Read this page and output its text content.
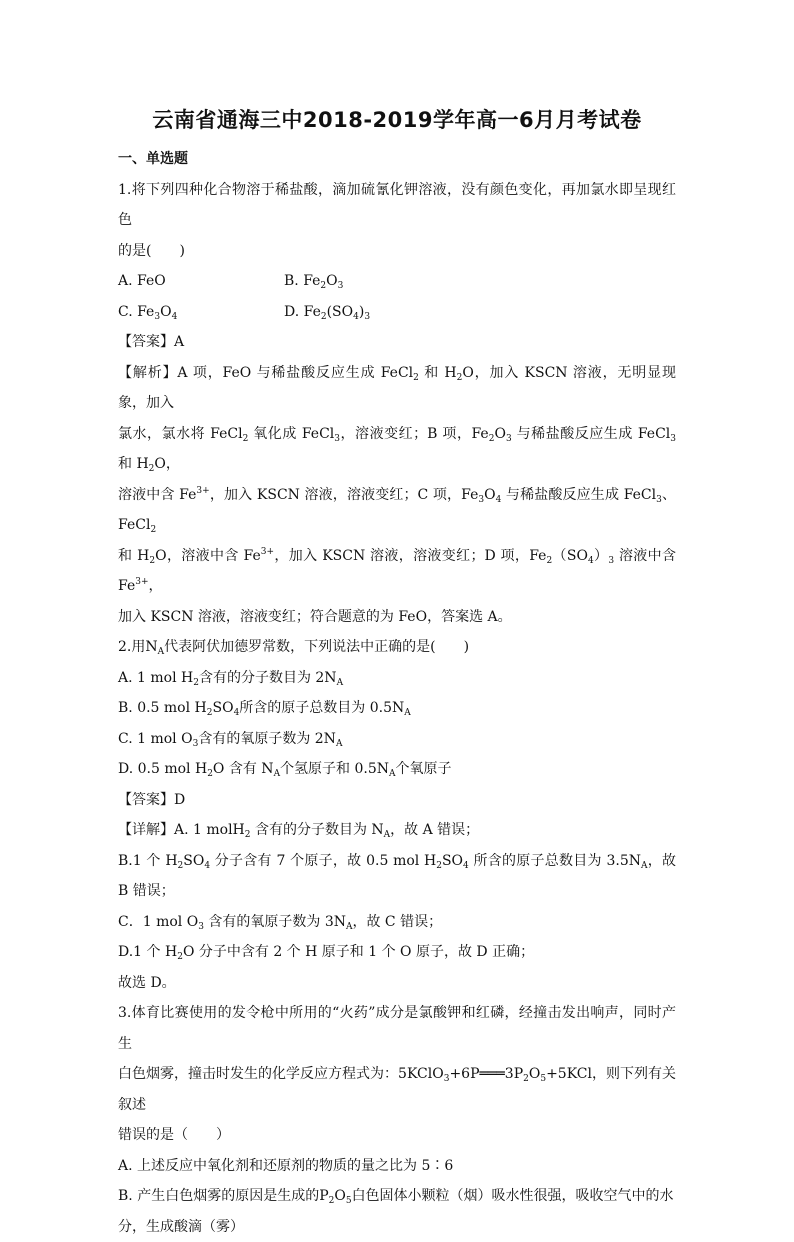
云南省通海三中2018-2019学年高一6月月考试卷

一、单选题

1.将下列四种化合物溶于稀盐酸，滴加硫氰化钾溶液，没有颜色变化，再加氯水即呈现红色

的是(　　)

A. FeO	B. $Fe_2O_3$
C. $Fe_3O_4$	D. $Fe_2(SO_4)_3$

【答案】A

【解析】A 项，FeO 与稀盐酸反应生成 FeCl$_2$ 和 $H_2O$，加入 KSCN 溶液，无明显现象，加入

氯水，氯水将 FeCl$_2$ 氧化成 FeCl$_3$，溶液变红；B 项，$Fe_2O_3$ 与稀盐酸反应生成 FeCl$_3$ 和 $H_2O$，

溶液中含 $Fe^{3+}$，加入 KSCN 溶液，溶液变红；C 项，$Fe_3O_4$ 与稀盐酸反应生成 FeCl$_3$、FeCl$_2$

和 $H_2O$，溶液中含 $Fe^{3+}$，加入 KSCN 溶液，溶液变红；D 项，$Fe_2(SO_4)_3$ 溶液中含 $Fe^{3+}$，

加入 KSCN 溶液，溶液变红；符合题意的为 FeO，答案选 A。

2.用$N_A$代表阿伏加德罗常数，下列说法中正确的是(　　)

A. 1 mol $H_2$含有的分子数目为 $2N_A$

B. 0.5 mol $H_2SO_4$所含的原子总数目为 $0.5N_A$

C. 1 mol $O_3$含有的氧原子数为 $2N_A$

D. 0.5 mol $H_2O$ 含有 $N_A$个氢原子和 $0.5N_A$个氧原子

【答案】D

【详解】A. 1 molH$_2$ 含有的分子数目为 $N_A$，故 A 错误；

B.1 个 $H_2SO_4$ 分子含有 7 个原子，故 0.5 mol $H_2SO_4$ 所含的原子总数目为 $3.5N_A$，故 B 错误；

C．1 mol $O_3$ 含有的氧原子数为 $3N_A$，故 C 错误；

D.1 个 $H_2O$ 分子中含有 2 个 H 原子和 1 个 O 原子，故 D 正确；

故选 D。

3.体育比赛使用的发令枪中所用的“火药”成分是氯酸钾和红磷，经撞击发出响声，同时产生

白色烟雾，撞击时发生的化学反应方程式为：$5KClO_3+6P═══3P_2O_5+5KCl$，则下列有关叙述

错误的是（　　）

A. 上述反应中氧化剂和还原剂的物质的量之比为 5∶6

B. 产生白色烟雾的原因是生成的$P_2O_5$白色固体小颗粒（烟）吸水性很强，吸收空气中的水

分，生成酸滴（雾）
